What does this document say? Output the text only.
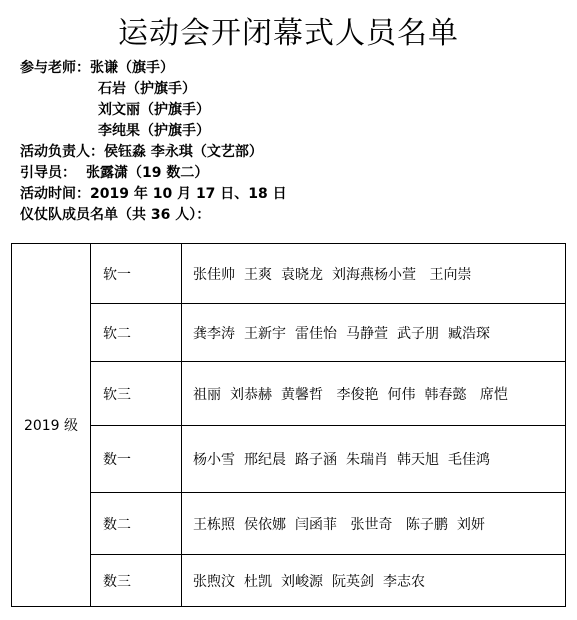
运动会开闭幕式人员名单
参与老师：张谦（旗手）
石岩（护旗手）
刘文丽（护旗手）
李纯果（护旗手）
活动负责人：侯钰淼 李永琪（文艺部）
引导员： 张露潇（19 数二）
活动时间：2019 年 10 月 17 日、18 日
仪仗队成员名单（共 36 人）：
2019 级	软一	张佳帅 王爽 袁晓龙 刘海燕杨小萱 王向崇
	软二	龚李涛 王新宇 雷佳怡 马静萱 武子朋 臧浩琛
	软三	祖丽 刘恭赫 黄馨哲 李俊艳 何伟 韩春懿 席恺
	数一	杨小雪 邢纪晨 路子涵 朱瑞肖 韩天旭 毛佳鸿
	数二	王栋照 侯依娜 闫函菲 张世奇 陈子鹏 刘妍
	数三	张煦汶 杜凯 刘峻源 阮英剑 李志农
